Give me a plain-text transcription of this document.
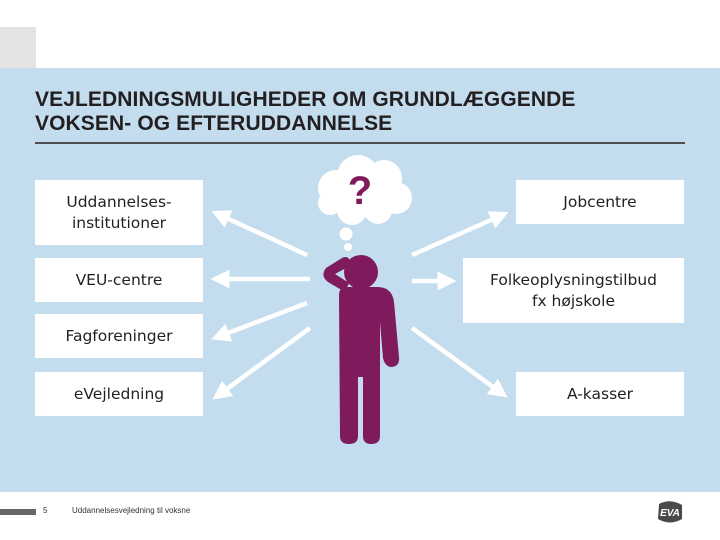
VEJLEDNINGSMULIGHEDER OM GRUNDLÆGGENDE
VOKSEN- OG EFTERUDDANNELSE
Uddannelses-
institutioner
VEU-centre
Fagforeninger
eVejledning
Jobcentre
Folkeoplysningstilbud
fx højskole
A-kasser
?
5	Uddannelsesvejledning til voksne	EVA
